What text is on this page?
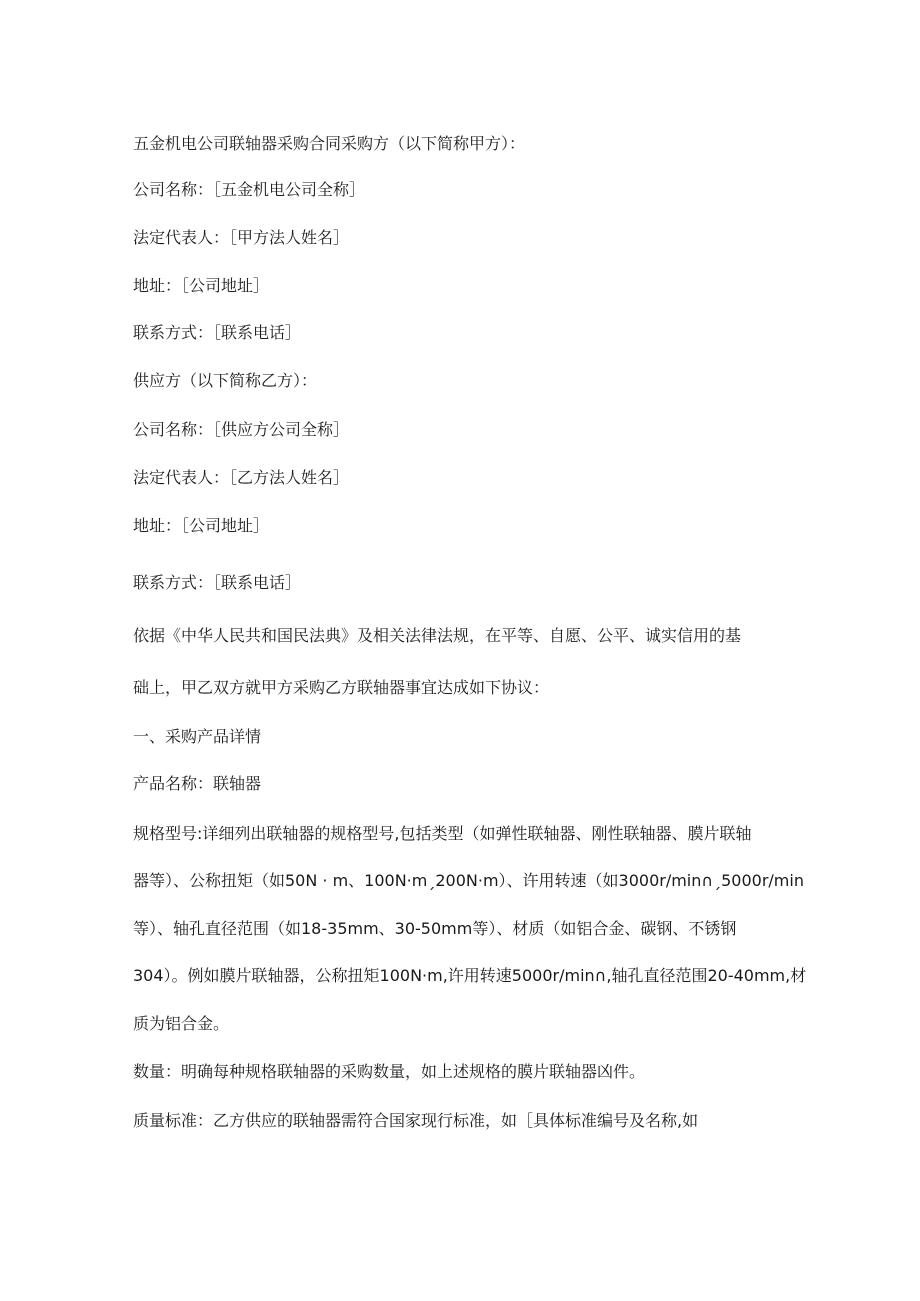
五金机电公司联轴器采购合同采购方（以下简称甲方）：
公司名称：［五金机电公司全称］
法定代表人：［甲方法人姓名］
地址：［公司地址］
联系方式：［联系电话］
供应方（以下简称乙方）：
公司名称：［供应方公司全称］
法定代表人：［乙方法人姓名］
地址：［公司地址］
联系方式：［联系电话］
依据《中华人民共和国民法典》及相关法律法规，在平等、自愿、公平、诚实信用的基
础上，甲乙双方就甲方采购乙方联轴器事宜达成如下协议：
一、采购产品详情
产品名称：联轴器
规格型号:详细列出联轴器的规格型号,包括类型（如弹性联轴器、刚性联轴器、膜片联轴
器等）、公称扭矩（如50N · m、100N·mˏ200N·m）、许用转速（如3000r∕min∩ˏ5000r∕min
等）、轴孔直径范围（如18-35mm、30-50mm等）、材质（如铝合金、碳钢、不锈钢
304）。例如膜片联轴器，公称扭矩100N·m,许用转速5000r∕min∩,轴孔直径范围20-40mm,材
质为铝合金。
数量：明确每种规格联轴器的采购数量，如上述规格的膜片联轴器凶件。
质量标准：乙方供应的联轴器需符合国家现行标准，如［具体标准编号及名称,如
